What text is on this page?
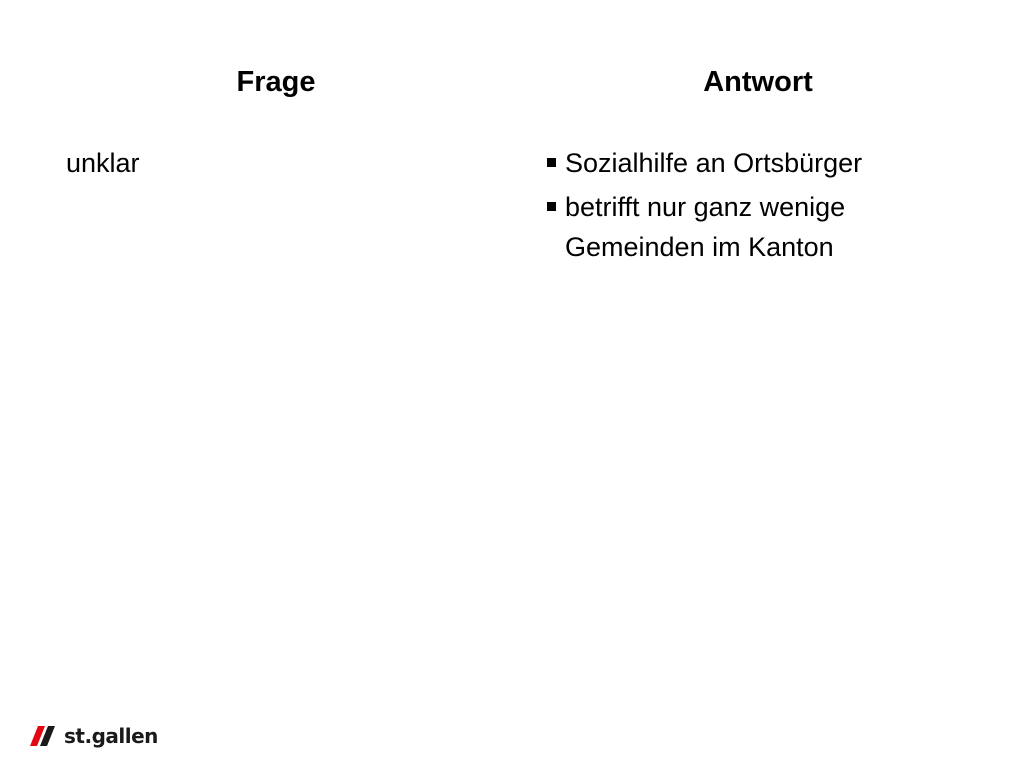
Frage	Antwort
unklar	Sozialhilfe an Ortsbürger
betrifft nur ganz wenige Gemeinden im Kanton
st.gallen
